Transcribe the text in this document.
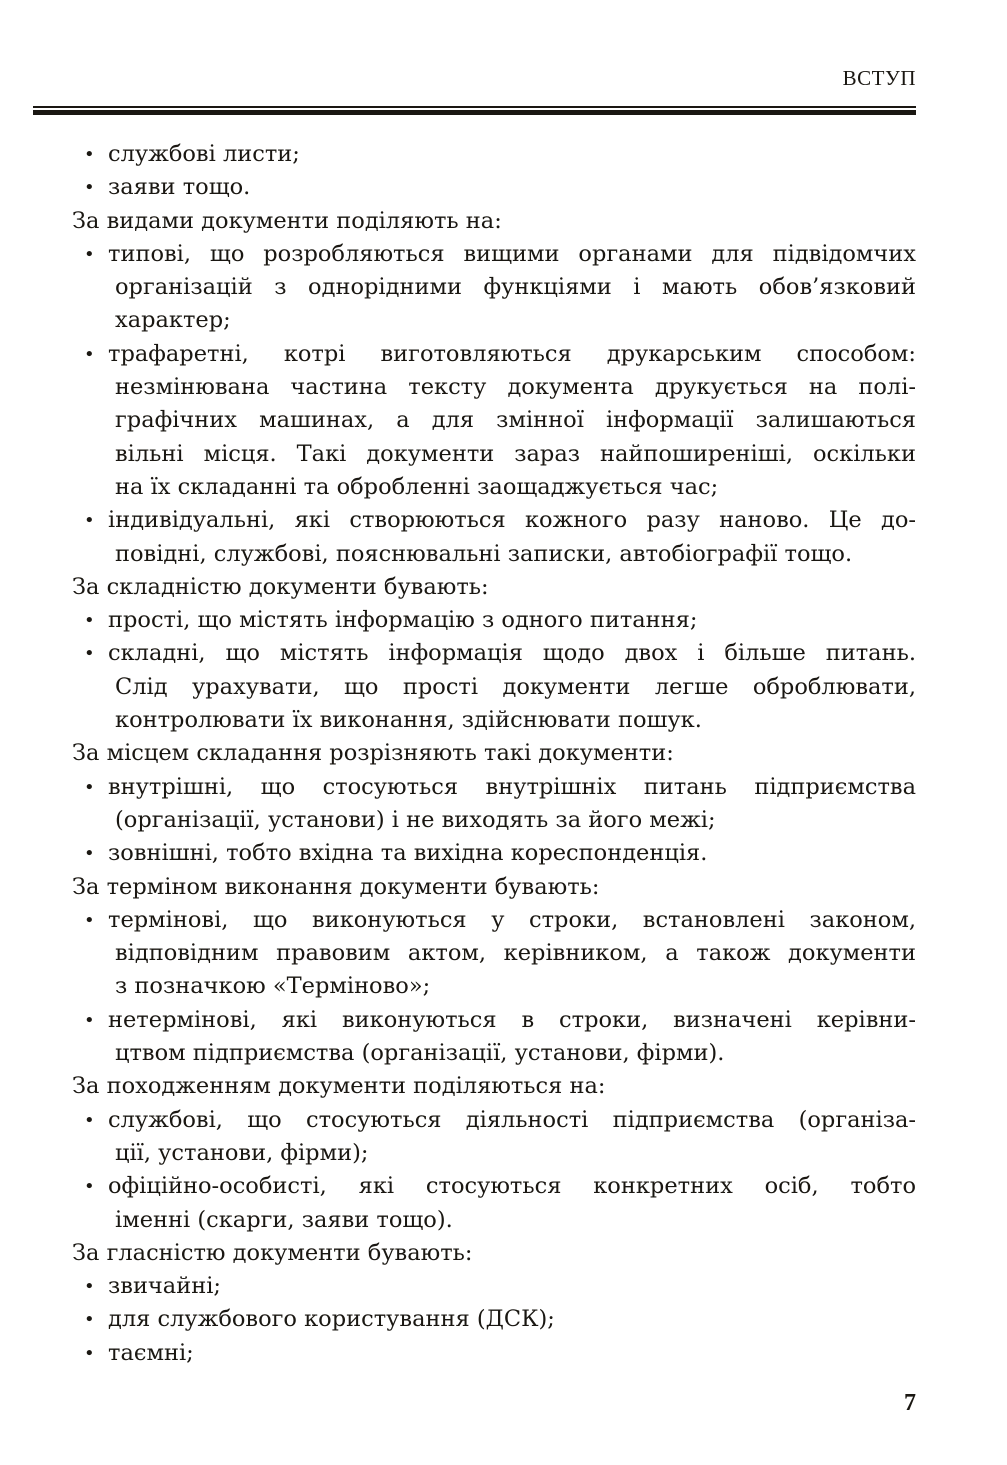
ВСТУП
• службові листи;
• заяви тощо.
За видами документи поділяють на:
• типові, що розробляються вищими органами для підвідомчих
організацій з однорідними функціями і мають обов’язковий
характер;
• трафаретні, котрі виготовляються друкарським способом:
незмінювана частина тексту документа друкується на полі-
графічних машинах, а для змінної інформації залишаються
вільні місця. Такі документи зараз найпоширеніші, оскільки
на їх складанні та обробленні заощаджується час;
• індивідуальні, які створюються кожного разу наново. Це до-
повідні, службові, пояснювальні записки, автобіографії тощо.
За складністю документи бувають:
• прості, що містять інформацію з одного питання;
• складні, що містять інформація щодо двох і більше питань.
Слід урахувати, що прості документи легше оброблювати,
контролювати їх виконання, здійснювати пошук.
За місцем складання розрізняють такі документи:
• внутрішні, що стосуються внутрішніх питань підприємства
(організації, установи) і не виходять за його межі;
• зовнішні, тобто вхідна та вихідна кореспонденція.
За терміном виконання документи бувають:
• термінові, що виконуються у строки, встановлені законом,
відповідним правовим актом, керівником, а також документи
з позначкою «Терміново»;
• нетермінові, які виконуються в строки, визначені керівни-
цтвом підприємства (організації, установи, фірми).
За походженням документи поділяються на:
• службові, що стосуються діяльності підприємства (організа-
ції, установи, фірми);
• офіційно-особисті, які стосуються конкретних осіб, тобто
іменні (скарги, заяви тощо).
За гласністю документи бувають:
• звичайні;
• для службового користування (ДСК);
• таємні;
7
